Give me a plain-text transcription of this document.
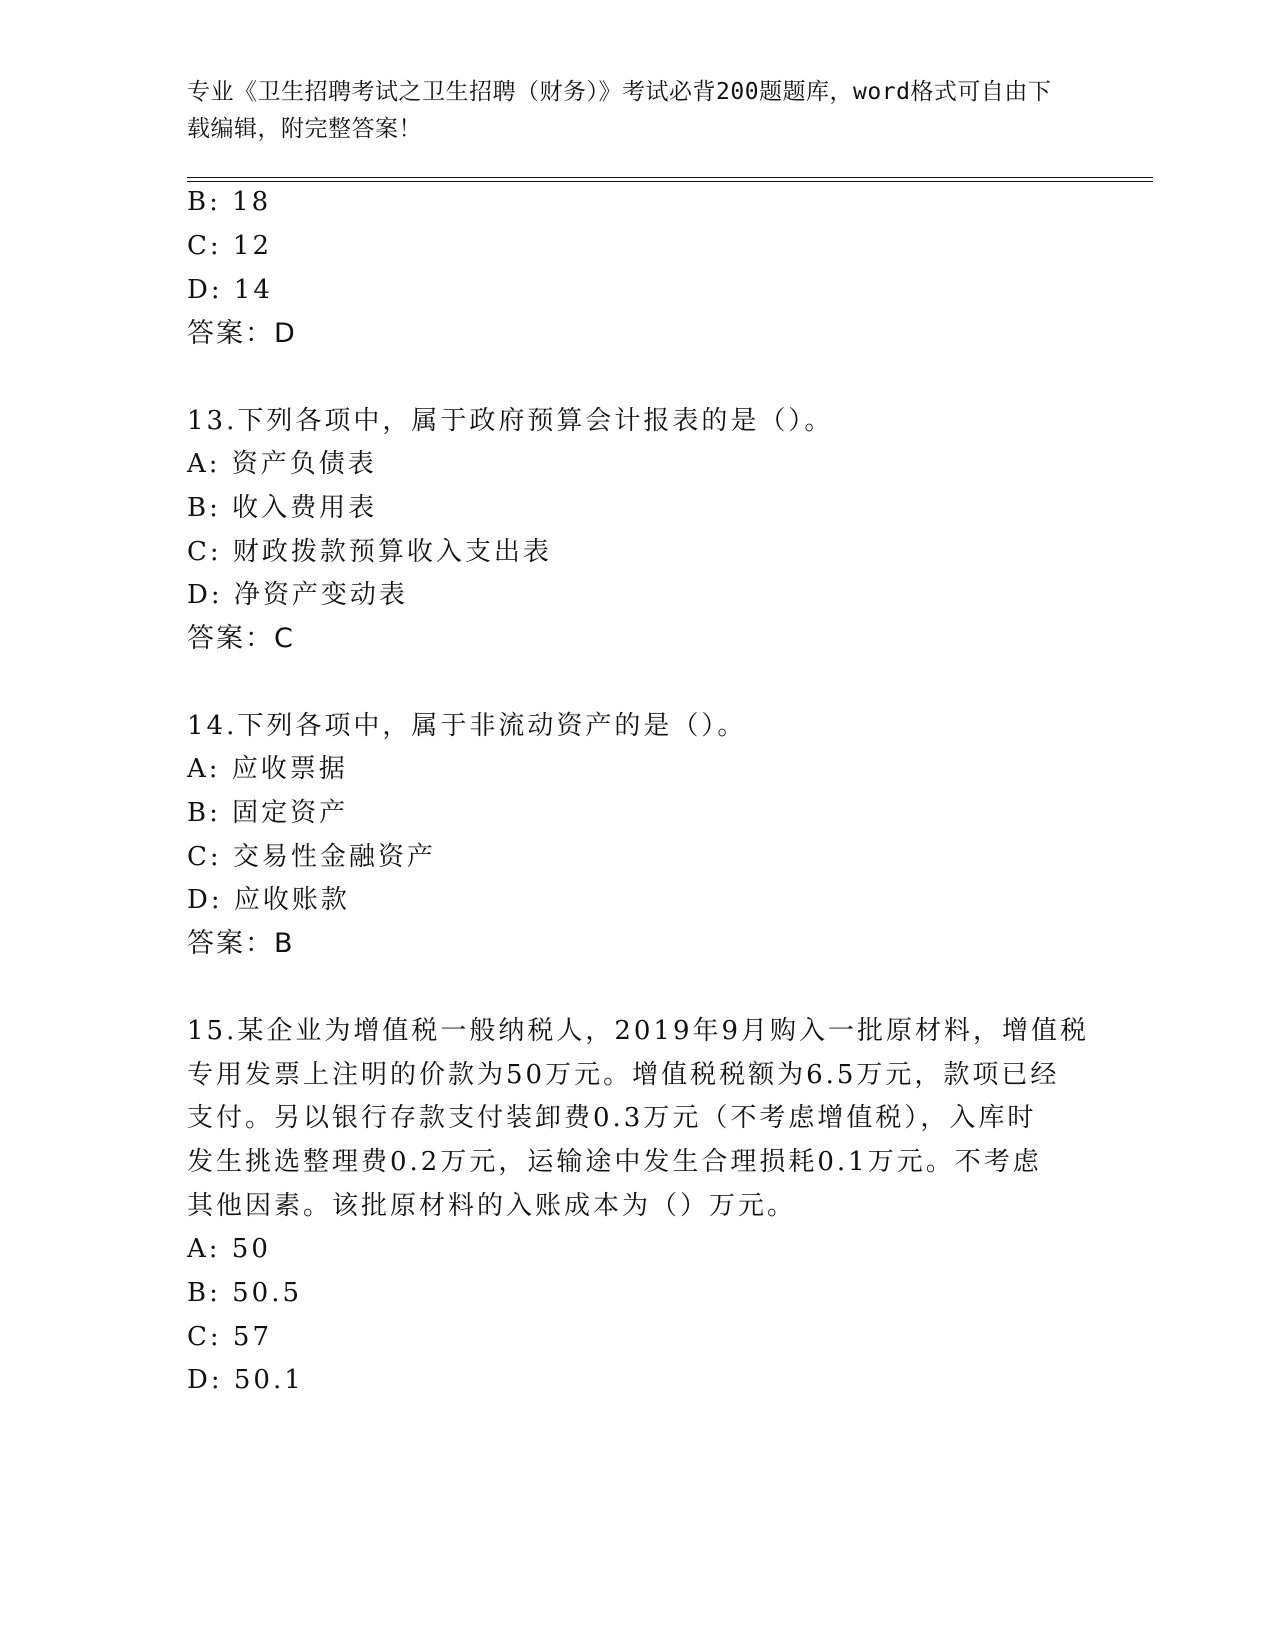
专业《卫生招聘考试之卫生招聘（财务）》考试必背200题题库，word格式可自由下载编辑，附完整答案！
B: 18
C: 12
D: 14
答案：D
13.下列各项中，属于政府预算会计报表的是（）。
A: 资产负债表
B: 收入费用表
C: 财政拨款预算收入支出表
D: 净资产变动表
答案：C
14.下列各项中，属于非流动资产的是（）。
A: 应收票据
B: 固定资产
C: 交易性金融资产
D: 应收账款
答案：B
15.某企业为增值税一般纳税人，2019年9月购入一批原材料，增值税
专用发票上注明的价款为50万元。增值税税额为6.5万元，款项已经
支付。另以银行存款支付装卸费0.3万元（不考虑增值税），入库时
发生挑选整理费0.2万元，运输途中发生合理损耗0.1万元。不考虑
其他因素。该批原材料的入账成本为（）万元。
A: 50
B: 50.5
C: 57
D: 50.1
